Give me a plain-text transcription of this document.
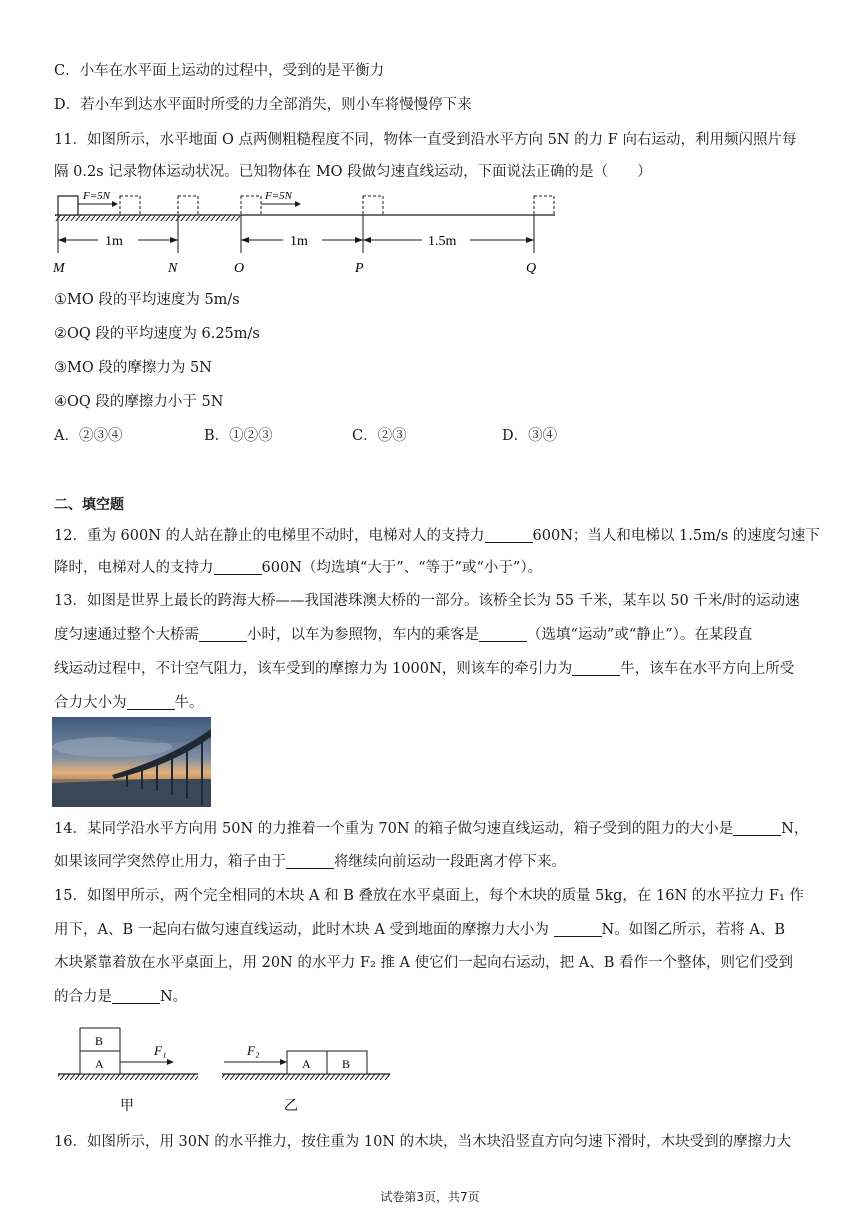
C．小车在水平面上运动的过程中，受到的是平衡力
D．若小车到达水平面时所受的力全部消失，则小车将慢慢停下来
11．如图所示，水平地面 O 点两侧粗糙程度不同，物体一直受到沿水平方向 5N 的力 F 向右运动，利用频闪照片每
隔 0.2s 记录物体运动状况。已知物体在 MO 段做匀速直线运动，下面说法正确的是（　　）
F=5N	F=5N
1m	1m	1.5m
M	N	O	P	Q
①MO 段的平均速度为 5m/s
②OQ 段的平均速度为 6.25m/s
③MO 段的摩擦力为 5N
④OQ 段的摩擦力小于 5N
A．②③④	B．①②③	C．②③	D．③④
二、填空题
12．重为 600N 的人站在静止的电梯里不动时，电梯对人的支持力	600N；当人和电梯以 1.5m/s 的速度匀速下
降时，电梯对人的支持力	600N（均选填“大于”、“等于”或“小于”）。
13．如图是世界上最长的跨海大桥——我国港珠澳大桥的一部分。该桥全长为 55 千米，某车以 50 千米/时的运动速
度匀速通过整个大桥需	小时，以车为参照物，车内的乘客是	（选填“运动”或“静止”）。在某段直
线运动过程中，不计空气阻力，该车受到的摩擦力为 1000N，则该车的牵引力为	牛，该车在水平方向上所受
合力大小为	牛。
14．某同学沿水平方向用 50N 的力推着一个重为 70N 的箱子做匀速直线运动，箱子受到的阻力的大小是	N，
如果该同学突然停止用力，箱子由于	将继续向前运动一段距离才停下来。
15．如图甲所示，两个完全相同的木块 A 和 B 叠放在水平桌面上，每个木块的质量 5kg，在 16N 的水平拉力 F₁ 作
用下，A、B 一起向右做匀速直线运动，此时木块 A 受到地面的摩擦力大小为	N。如图乙所示，若将 A、B
木块紧靠着放在水平桌面上，用 20N 的水平力 F₂ 推 A 使它们一起向右运动，把 A、B 看作一个整体，则它们受到
的合力是	N。
B
A
F₁
甲
A	B
F₂
乙
16．如图所示，用 30N 的水平推力，按住重为 10N 的木块，当木块沿竖直方向匀速下滑时，木块受到的摩擦力大
试卷第3页，共7页
